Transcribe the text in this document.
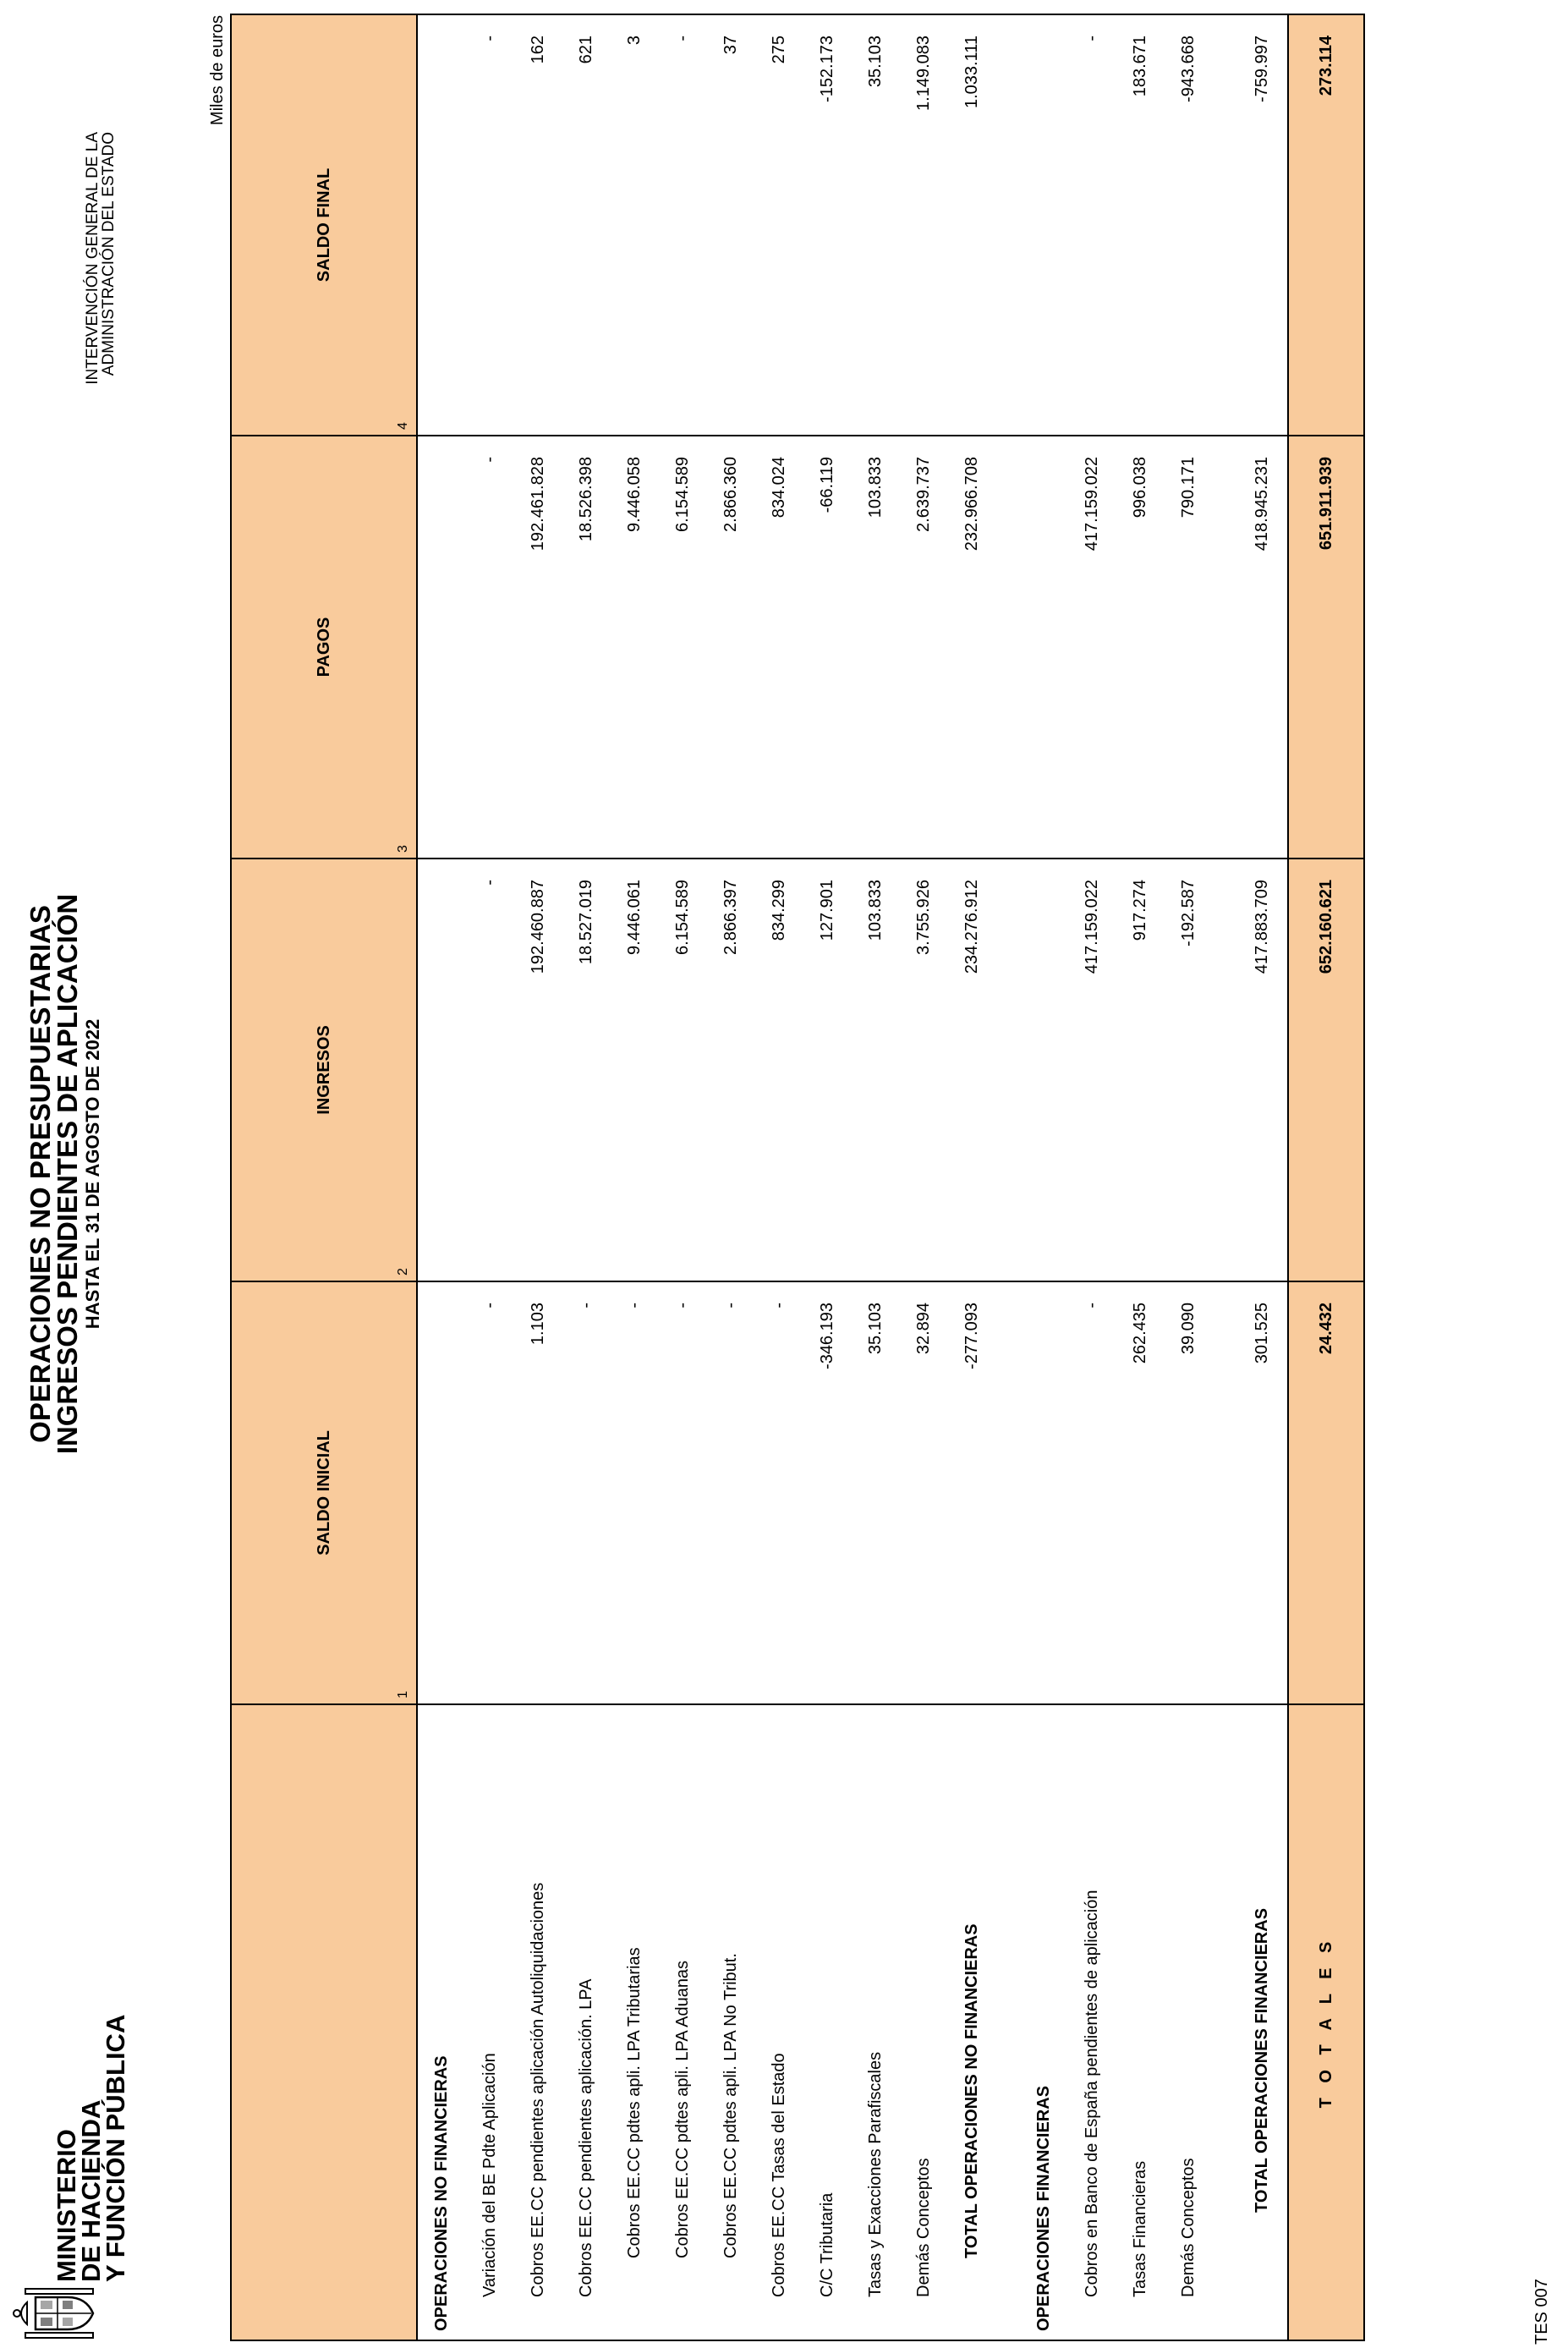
MINISTERIO
DE HACIENDA
Y FUNCIÓN PÚBLICA
OPERACIONES NO PRESUPUESTARIAS
INGRESOS PENDIENTES DE APLICACIÓN HASTA EL 31 DE AGOSTO DE 2022
INTERVENCIÓN GENERAL DE LA
ADMINISTRACIÓN DEL ESTADO
Miles de euros
	SALDO INICIAL
1	INGRESOS
2	PAGOS
3	SALDO FINAL
4

OPERACIONES NO FINANCIERAS				
Variación del BE Pdte Aplicación	-	-	-	-
Cobros EE.CC pendientes aplicación Autoliquidaciones	1.103	192.460.887	192.461.828	162
Cobros EE.CC pendientes aplicación. LPA	-	18.527.019	18.526.398	621
Cobros EE.CC pdtes apli. LPA Tributarias	-	9.446.061	9.446.058	3
Cobros EE.CC pdtes apli. LPA Aduanas	-	6.154.589	6.154.589	-
Cobros EE.CC pdtes apli. LPA No Tribut.	-	2.866.397	2.866.360	37
Cobros EE.CC Tasas del Estado	-	834.299	834.024	275
C/C Tributaria	-346.193	127.901	-66.119	-152.173
Tasas y Exacciones Parafiscales	35.103	103.833	103.833	35.103
Demás Conceptos	32.894	3.755.926	2.639.737	1.149.083
TOTAL OPERACIONES NO FINANCIERAS	-277.093	234.276.912	232.966.708	1.033.111

OPERACIONES FINANCIERAS				
Cobros en Banco de España pendientes de aplicación	-	417.159.022	417.159.022	-
Tasas Financieras	262.435	917.274	996.038	183.671
Demás Conceptos	39.090	-192.587	790.171	-943.668

TOTAL OPERACIONES FINANCIERAS	301.525	417.883.709	418.945.231	-759.997
T O T A L E S	24.432	652.160.621	651.911.939	273.114
TES 007
